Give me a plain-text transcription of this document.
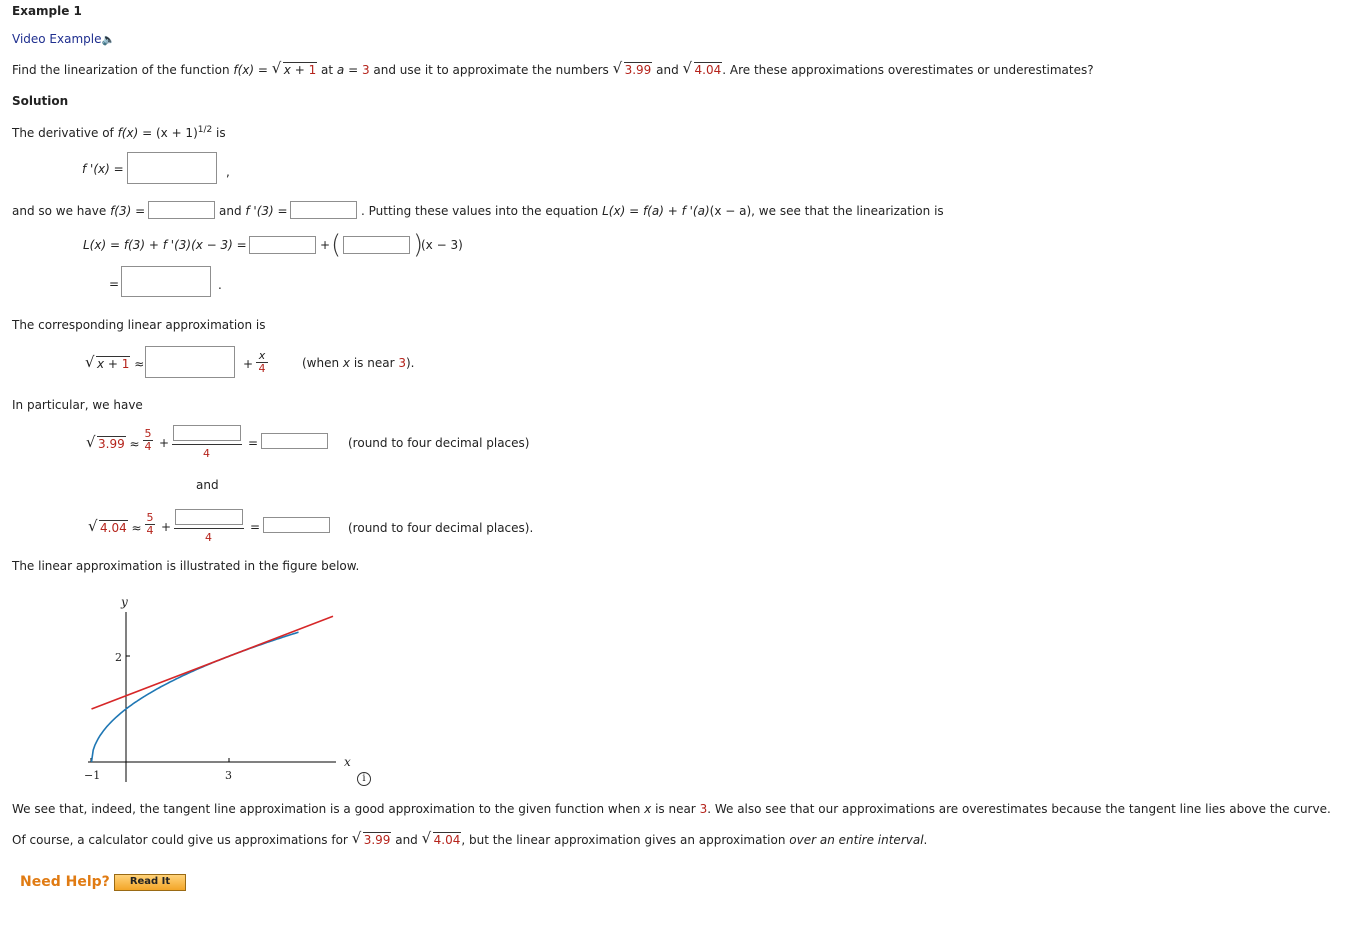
Example 1
Video Example🔈
Find the linearization of the function f(x) = √ x + 1 at a = 3 and use it to approximate the numbers √ 3.99 and √ 4.04. Are these approximations overestimates or underestimates?
Solution
The derivative of $f(x) = (x + 1)^{1/2}$ is
f '(x) =	,
and so we have f(3) =	and f '(3) =	. Putting these values into the equation L(x) = f(a) + f '(a)(x − a), we see that the linearization is
L(x) = f(3) + f '(3)(x − 3) =	+ (	)
(x − 3)
=	.
The corresponding linear approximation is
√ x + 1 ≈	+
x
4	(when x is near 3).
In particular, we have
√ 3.99 ≈
5
4 +
4
=	(round to four decimal places)
and
√ 4.04 ≈
5
4 +
4
=	(round to four decimal places).
The linear approximation is illustrated in the figure below.
y
x
2
−1	3	i
We see that, indeed, the tangent line approximation is a good approximation to the given function when x is near 3. We also see that our approximations are overestimates because the tangent line lies above the curve.
Of course, a calculator could give us approximations for √ 3.99 and √ 4.04, but the linear approximation gives an approximation over an entire interval.
Need Help?	Read It
